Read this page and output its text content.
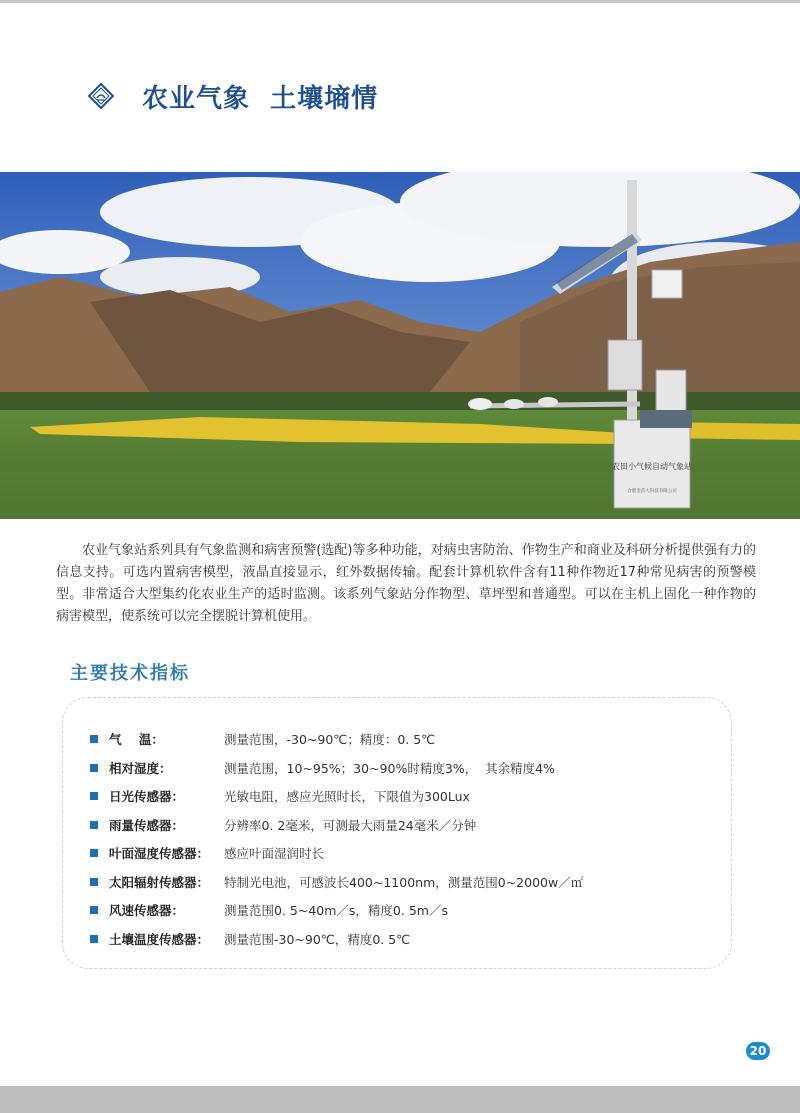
农业气象  土壤墒情
农田小气候自动气象站
合肥金苗大科技有限公司

农业气象站系列具有气象监测和病害预警(选配)等多种功能，对病虫害防治、作物生产和商业及科研分析提供强有力的信息支持。可选内置病害模型，液晶直接显示，红外数据传输。配套计算机软件含有11种作物近17种常见病害的预警模型。非常适合大型集约化农业生产的适时监测。该系列气象站分作物型、草坪型和普通型。可以在主机上固化一种作物的病害模型，使系统可以完全摆脱计算机使用。

主要技术指标
气    温：	测量范围，-30~90℃；精度：0. 5℃
相对湿度：	测量范围，10~95%；30~90%时精度3%，  其余精度4%
日光传感器：	光敏电阻，感应光照时长，下限值为300Lux
雨量传感器：	分辨率0. 2毫米，可测最大雨量24毫米／分钟
叶面湿度传感器：	感应叶面湿润时长
太阳辐射传感器：	特制光电池，可感波长400~1100nm，测量范围0~2000w／㎡
风速传感器：	测量范围0. 5~40m／s，精度0. 5m／s
土壤温度传感器：	测量范围-30~90℃，精度0. 5℃
20
